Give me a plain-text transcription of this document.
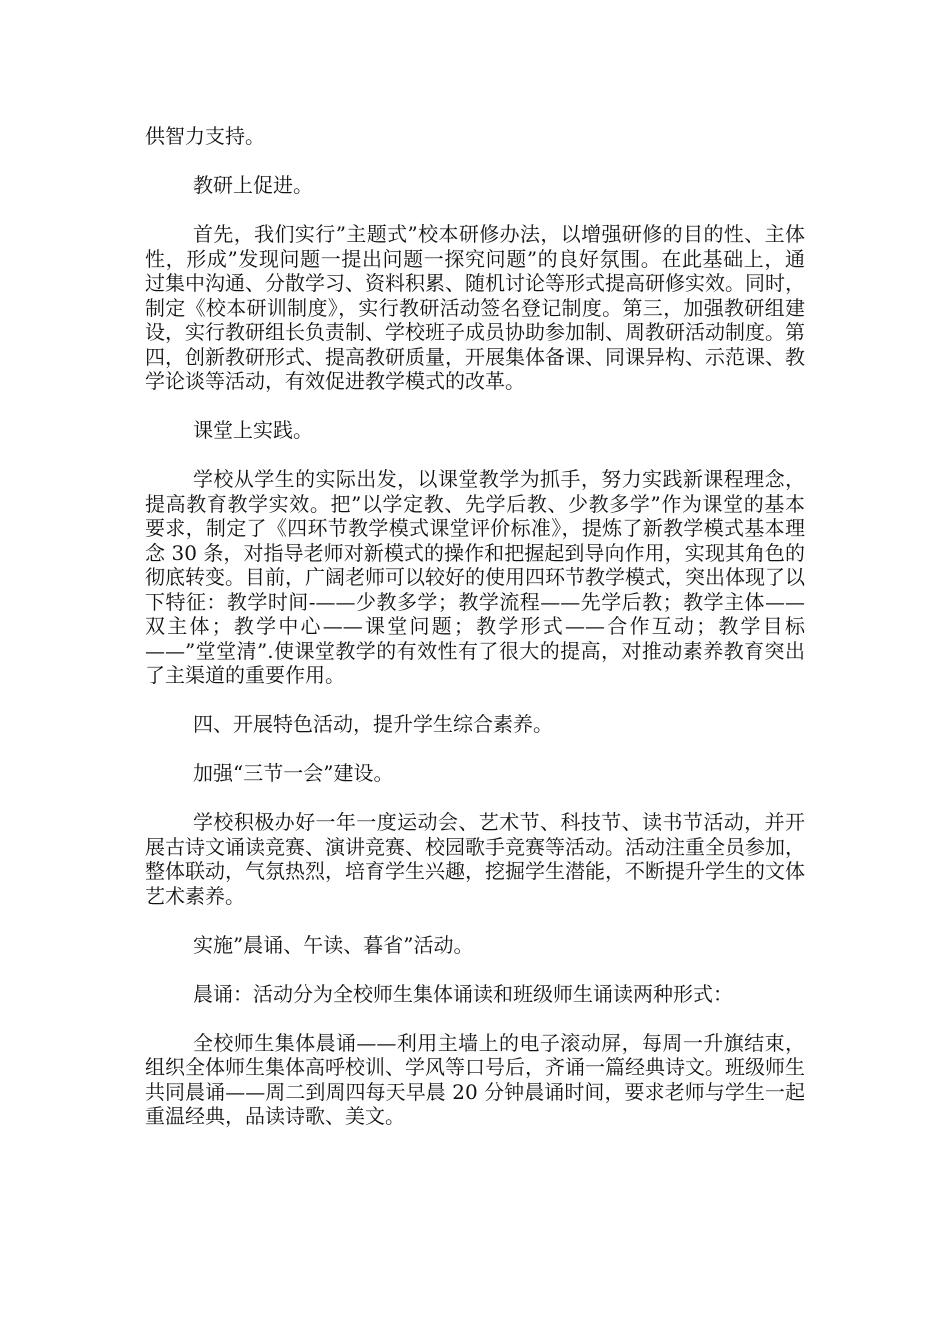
供智力支持。

教研上促进。

首先，我们实行”主题式”校本研修办法，以增强研修的目的性、主体性，形成”发现问题一提出问题一探究问题”的良好氛围。在此基础上，通过集中沟通、分散学习、资料积累、随机讨论等形式提高研修实效。同时，制定《校本研训制度》，实行教研活动签名登记制度。第三，加强教研组建设，实行教研组长负责制、学校班子成员协助参加制、周教研活动制度。第四，创新教研形式、提高教研质量，开展集体备课、同课异构、示范课、教学论谈等活动，有效促进教学模式的改革。

课堂上实践。

学校从学生的实际出发，以课堂教学为抓手，努力实践新课程理念，提高教育教学实效。把”以学定教、先学后教、少教多学”作为课堂的基本要求，制定了《四环节教学模式课堂评价标准》，提炼了新教学模式基本理念 30 条，对指导老师对新模式的操作和把握起到导向作用，实现其角色的彻底转变。目前，广阔老师可以较好的使用四环节教学模式，突出体现了以下特征：教学时间-——少教多学；教学流程——先学后教；教学主体——双主体；教学中心——课堂问题；教学形式——合作互动；教学目标——”堂堂清”.使课堂教学的有效性有了很大的提高，对推动素养教育突出了主渠道的重要作用。

四、开展特色活动，提升学生综合素养。

加强“三节一会”建设。

学校积极办好一年一度运动会、艺术节、科技节、读书节活动，并开展古诗文诵读竞赛、演讲竞赛、校园歌手竞赛等活动。活动注重全员参加，整体联动，气氛热烈，培育学生兴趣，挖掘学生潜能，不断提升学生的文体艺术素养。

实施”晨诵、午读、暮省”活动。

晨诵：活动分为全校师生集体诵读和班级师生诵读两种形式：

全校师生集体晨诵——利用主墙上的电子滚动屏，每周一升旗结束，组织全体师生集体高呼校训、学风等口号后，齐诵一篇经典诗文。班级师生共同晨诵——周二到周四每天早晨 20 分钟晨诵时间，要求老师与学生一起重温经典，品读诗歌、美文。
